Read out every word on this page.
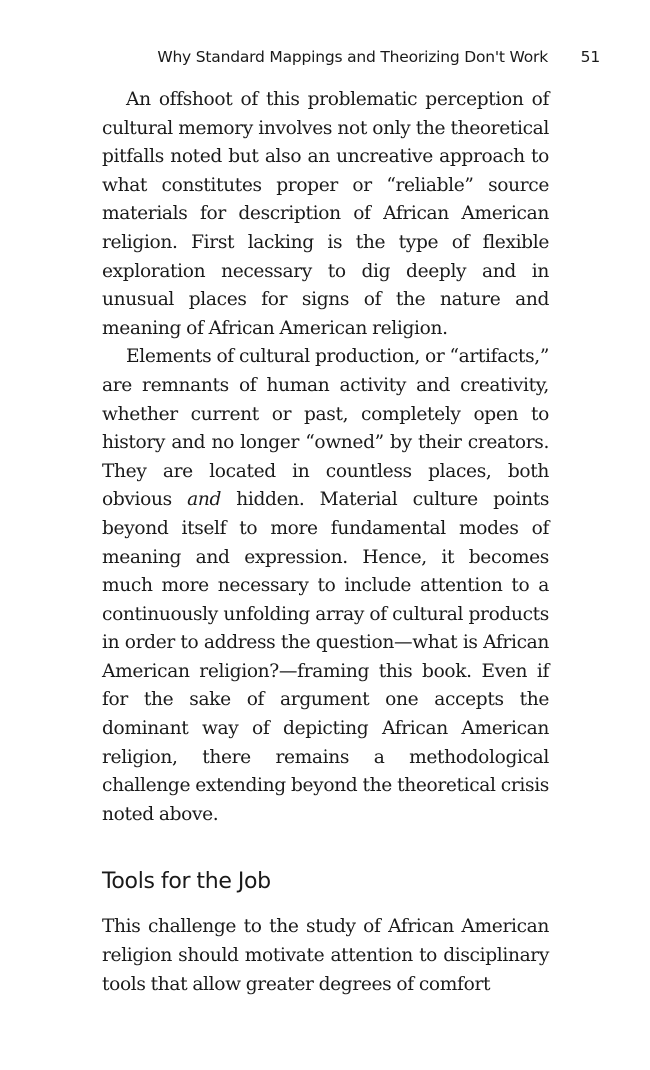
Why Standard Mappings and Theorizing Don't Work 51

An offshoot of this problematic perception of cultural memory involves not only the theoretical pitfalls noted but also an uncreative approach to what constitutes proper or “reliable” source materials for description of African American religion. First lacking is the type of flexible exploration necessary to dig deeply and in unusual places for signs of the nature and meaning of African American religion.

Elements of cultural production, or “artifacts,” are remnants of human activity and creativity, whether current or past, completely open to history and no longer “owned” by their creators. They are located in countless places, both obvious and hidden. Material culture points beyond itself to more fundamental modes of meaning and expression. Hence, it becomes much more necessary to include attention to a continuously unfolding array of cultural products in order to address the question—what is African American religion?—framing this book. Even if for the sake of argument one accepts the dominant way of depicting African American religion, there remains a methodological challenge extending beyond the theoretical crisis noted above.

Tools for the Job

This challenge to the study of African American religion should motivate attention to disciplinary tools that allow greater degrees of comfort
